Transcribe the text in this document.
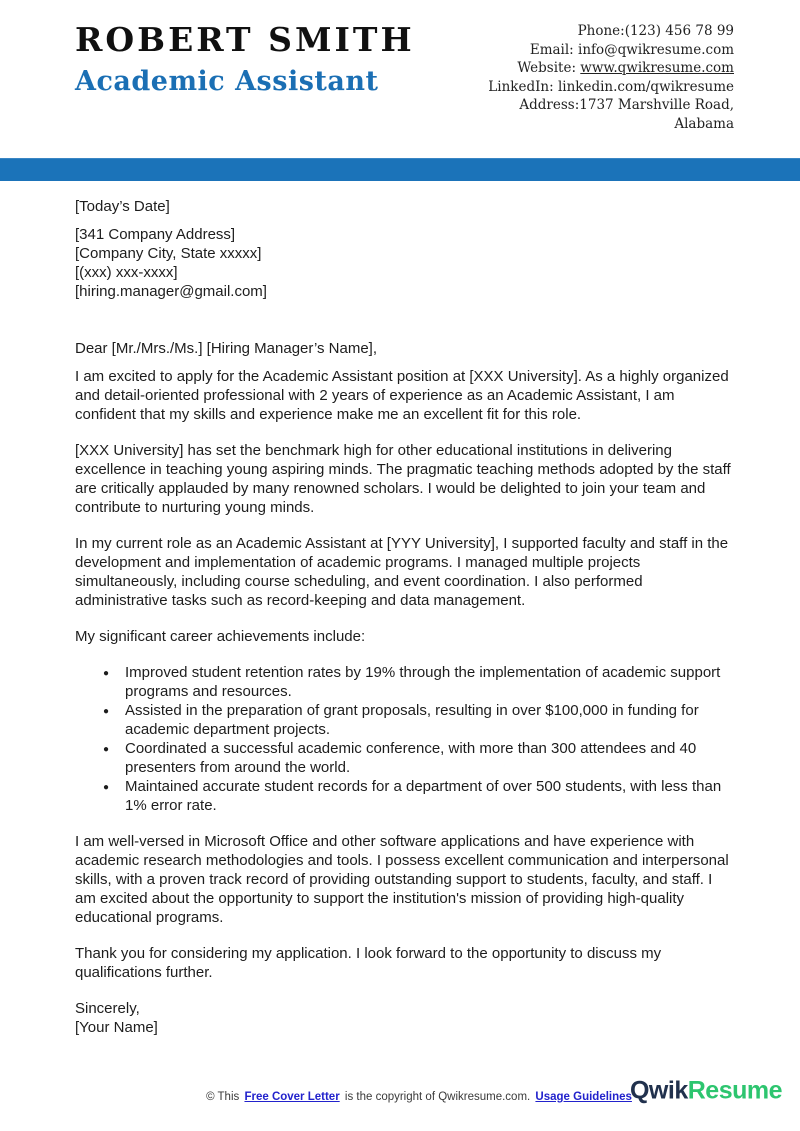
ROBERT SMITH
Academic Assistant
Phone:(123) 456 78 99
Email: info@qwikresume.com
Website: www.qwikresume.com
LinkedIn: linkedin.com/qwikresume
Address:1737 Marshville Road,
Alabama

[Today’s Date]

[341 Company Address]
[Company City, State xxxxx]
[(xxx) xxx-xxxx]
[hiring.manager@gmail.com]

Dear [Mr./Mrs./Ms.] [Hiring Manager’s Name],

I am excited to apply for the Academic Assistant position at [XXX University]. As a highly organized and detail-oriented professional with 2 years of experience as an Academic Assistant, I am confident that my skills and experience make me an excellent fit for this role.

[XXX University] has set the benchmark high for other educational institutions in delivering excellence in teaching young aspiring minds. The pragmatic teaching methods adopted by the staff are critically applauded by many renowned scholars. I would be delighted to join your team and contribute to nurturing young minds.

In my current role as an Academic Assistant at [YYY University], I supported faculty and staff in the development and implementation of academic programs. I managed multiple projects simultaneously, including course scheduling, and event coordination. I also performed administrative tasks such as record-keeping and data management.

My significant career achievements include:

● Improved student retention rates by 19% through the implementation of academic support programs and resources.
● Assisted in the preparation of grant proposals, resulting in over $100,000 in funding for academic department projects.
● Coordinated a successful academic conference, with more than 300 attendees and 40 presenters from around the world.
● Maintained accurate student records for a department of over 500 students, with less than 1% error rate.

I am well-versed in Microsoft Office and other software applications and have experience with academic research methodologies and tools. I possess excellent communication and interpersonal skills, with a proven track record of providing outstanding support to students, faculty, and staff. I am excited about the opportunity to support the institution's mission of providing high-quality educational programs.

Thank you for considering my application. I look forward to the opportunity to discuss my qualifications further.

Sincerely,
[Your Name]
© This Free Cover Letter is the copyright of Qwikresume.com. Usage Guidelines
QwikResume
